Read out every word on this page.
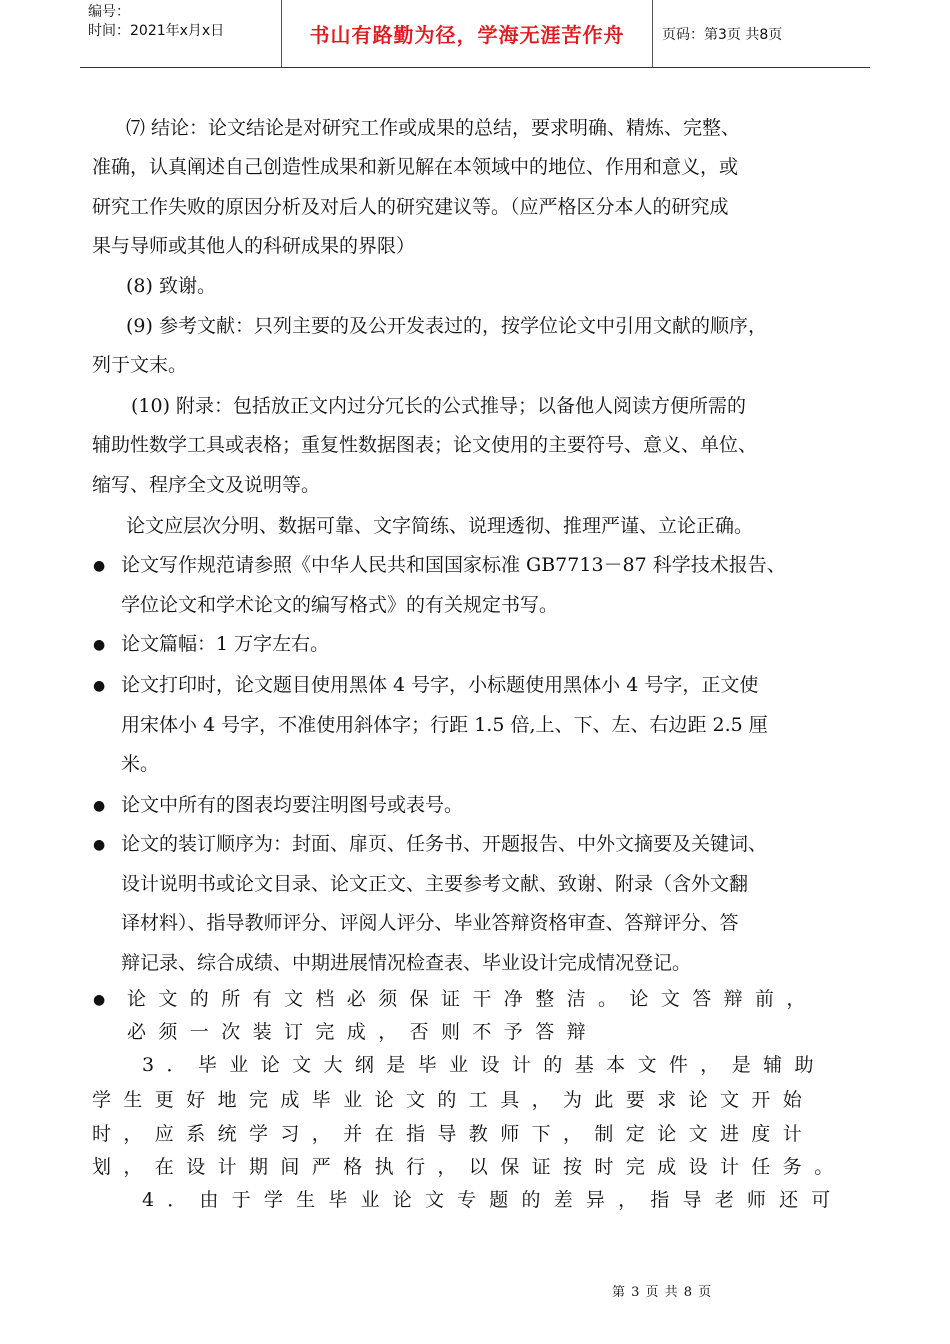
编号：
时间：2021年x月x日	书山有路勤为径，学海无涯苦作舟	页码：第3页 共8页
⑺ 结论：论文结论是对研究工作或成果的总结，要求明确、精炼、完整、
准确，认真阐述自己创造性成果和新见解在本领域中的地位、作用和意义，或
研究工作失败的原因分析及对后人的研究建议等。（应严格区分本人的研究成
果与导师或其他人的科研成果的界限）
(8) 致谢。
(9) 参考文献：只列主要的及公开发表过的，按学位论文中引用文献的顺序，
列于文末。
(10) 附录：包括放正文内过分冗长的公式推导；以备他人阅读方便所需的
辅助性数学工具或表格；重复性数据图表；论文使用的主要符号、意义、单位、
缩写、程序全文及说明等。
论文应层次分明、数据可靠、文字简练、说理透彻、推理严谨、立论正确。
● 论文写作规范请参照《中华人民共和国国家标准 GB7713－87 科学技术报告、
学位论文和学术论文的编写格式》的有关规定书写。
● 论文篇幅：1 万字左右。
● 论文打印时，论文题目使用黑体 4 号字，小标题使用黑体小 4 号字，正文使
用宋体小 4 号字，不准使用斜体字；行距 1.5 倍,上、下、左、右边距 2.5 厘
米。
● 论文中所有的图表均要注明图号或表号。
● 论文的装订顺序为：封面、扉页、任务书、开题报告、中外文摘要及关键词、
设计说明书或论文目录、论文正文、主要参考文献、致谢、附录（含外文翻
译材料）、指导教师评分、评阅人评分、毕业答辩资格审查、答辩评分、答
辩记录、综合成绩、中期进展情况检查表、毕业设计完成情况登记。
● 论文的所有文档必须保证干净整洁。论文答辩前，
必须一次装订完成，否则不予答辩
3．毕业论文大纲是毕业设计的基本文件，是辅助
学生更好地完成毕业论文的工具，为此要求论文开始
时，应系统学习，并在指导教师下，制定论文进度计
划，在设计期间严格执行，以保证按时完成设计任务。
4．由于学生毕业论文专题的差异，指导老师还可
第 3 页 共 8 页
